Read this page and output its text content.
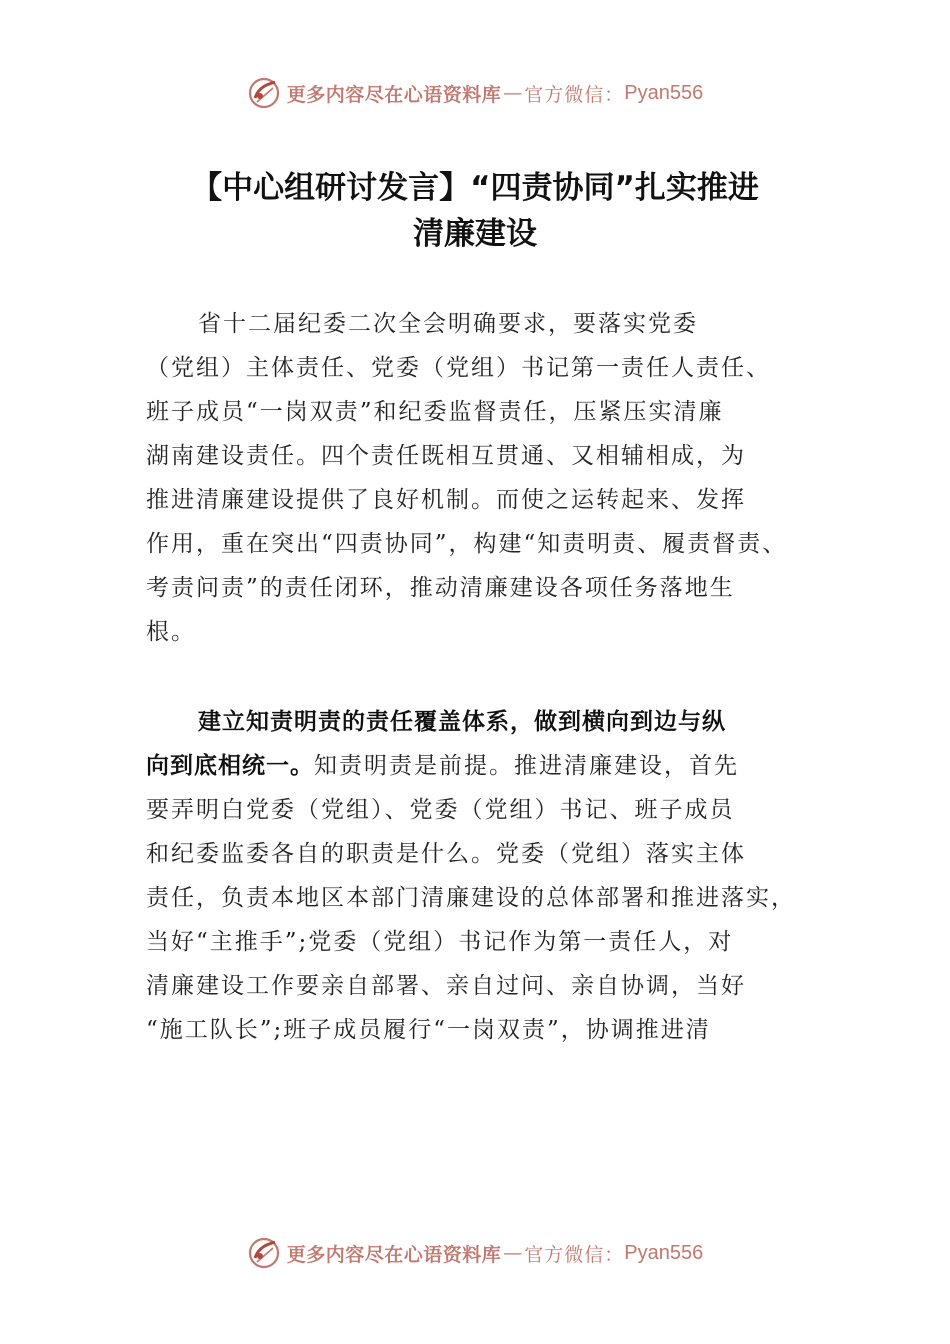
更多内容尽在心语资料库 — 官方微信： Pyan556
【中心组研讨发言】“四责协同”扎实推进
清廉建设

省十二届纪委二次全会明确要求，要落实党委
（党组）主体责任、党委（党组）书记第一责任人责任、
班子成员“一岗双责”和纪委监督责任，压紧压实清廉
湖南建设责任。四个责任既相互贯通、又相辅相成，为
推进清廉建设提供了良好机制。而使之运转起来、发挥
作用，重在突出“四责协同”，构建“知责明责、履责督责、
考责问责”的责任闭环，推动清廉建设各项任务落地生
根。

建立知责明责的责任覆盖体系，做到横向到边与纵
向到底相统一。知责明责是前提。推进清廉建设，首先
要弄明白党委（党组）、党委（党组）书记、班子成员
和纪委监委各自的职责是什么。党委（党组）落实主体
责任，负责本地区本部门清廉建设的总体部署和推进落实，
当好“主推手”;党委（党组）书记作为第一责任人，对
清廉建设工作要亲自部署、亲自过问、亲自协调，当好
“施工队长”;班子成员履行“一岗双责”，协调推进清

更多内容尽在心语资料库 — 官方微信： Pyan556
